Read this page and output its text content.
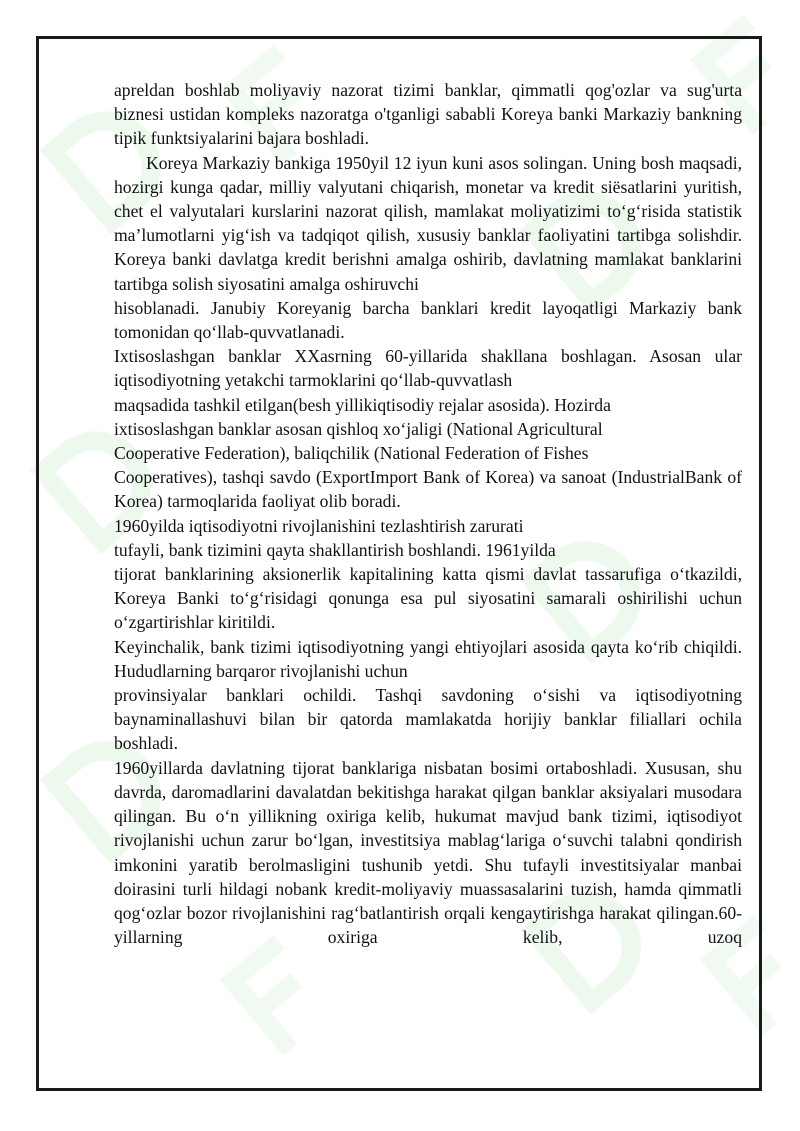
apreldan boshlab moliyaviy nazorat tizimi banklar, qimmatli qog'ozlar va sug'urta biznesi ustidan kompleks nazoratga o'tganligi sababli Koreya banki Markaziy bankning tipik funktsiyalarini bajara boshladi.

Koreya Markaziy bankiga 1950yil 12 iyun kuni asos solingan. Uning bosh maqsadi, hozirgi kunga qadar, milliy valyutani chiqarish, monetar va kredit siësatlarini yuritish, chet el valyutalari kurslarini nazorat qilish, mamlakat moliyatizimi to‘g‘risida statistik ma’lumotlarni yig‘ish va tadqiqot qilish, xususiy banklar faoliyatini tartibga solishdir. Koreya banki davlatga kredit berishni amalga oshirib, davlatning mamlakat banklarini tartibga solish siyosatini amalga oshiruvchi

hisoblanadi. Janubiy Koreyanig barcha banklari kredit layoqatligi Markaziy bank tomonidan qo‘llab-quvvatlanadi.

Ixtisoslashgan banklar XXasrning 60-yillarida shakllana boshlagan. Asosan ular iqtisodiyotning yetakchi tarmoklarini qo‘llab-quvvatlash

maqsadida tashkil etilgan(besh yillikiqtisodiy rejalar asosida). Hozirda

ixtisoslashgan banklar asosan qishloq xo‘jaligi (National Agricultural

Cooperative Federation), baliqchilik (National Federation of Fishes

Cooperatives), tashqi savdo (ExportImport Bank of Korea) va sanoat (IndustrialBank of Korea) tarmoqlarida faoliyat olib boradi.

1960yilda iqtisodiyotni rivojlanishini tezlashtirish zarurati

tufayli, bank tizimini qayta shakllantirish boshlandi. 1961yilda

tijorat banklarining aksionerlik kapitalining katta qismi davlat tassarufiga o‘tkazildi, Koreya Banki to‘g‘risidagi qonunga esa pul siyosatini samarali oshirilishi uchun o‘zgartirishlar kiritildi.

Keyinchalik, bank tizimi iqtisodiyotning yangi ehtiyojlari asosida qayta ko‘rib chiqildi. Hududlarning barqaror rivojlanishi uchun

provinsiyalar banklari ochildi. Tashqi savdoning o‘sishi va iqtisodiyotning baynaminallashuvi bilan bir qatorda mamlakatda horijiy banklar filiallari ochila boshladi.

1960yillarda davlatning tijorat banklariga nisbatan bosimi ortaboshladi. Xususan, shu davrda, daromadlarini davalatdan bekitishga harakat qilgan banklar aksiyalari musodara qilingan. Bu o‘n yillikning oxiriga kelib, hukumat mavjud bank tizimi, iqtisodiyot rivojlanishi uchun zarur bo‘lgan, investitsiya mablag‘lariga o‘suvchi talabni qondirish imkonini yaratib berolmasligini tushunib yetdi. Shu tufayli investitsiyalar manbai doirasini turli hildagi nobank kredit-moliyaviy muassasalarini tuzish, hamda qimmatli qog‘ozlar bozor rivojlanishini rag‘batlantirish orqali kengaytirishga harakat qilingan.60-yillarning oxiriga kelib, uzoq
